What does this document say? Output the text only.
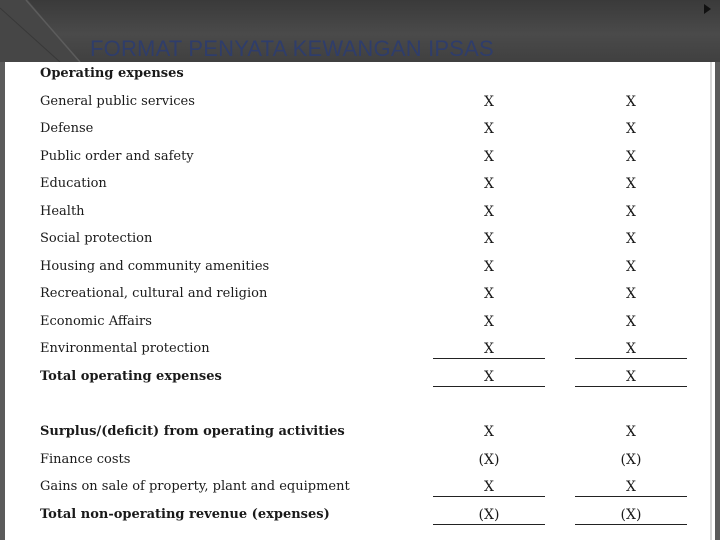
FORMAT PENYATA KEWANGAN IPSAS
Operating expenses
General public services	X	X
Defense	X	X
Public order and safety	X	X
Education	X	X
Health	X	X
Social protection	X	X
Housing and community amenities	X	X
Recreational, cultural and religion	X	X
Economic Affairs	X	X
Environmental protection	X	X
Total operating expenses	X	X
Surplus/(deficit) from operating activities	X	X
Finance costs	(X)	(X)
Gains on sale of property, plant and equipment	X	X
Total non-operating revenue (expenses)	(X)	(X)
